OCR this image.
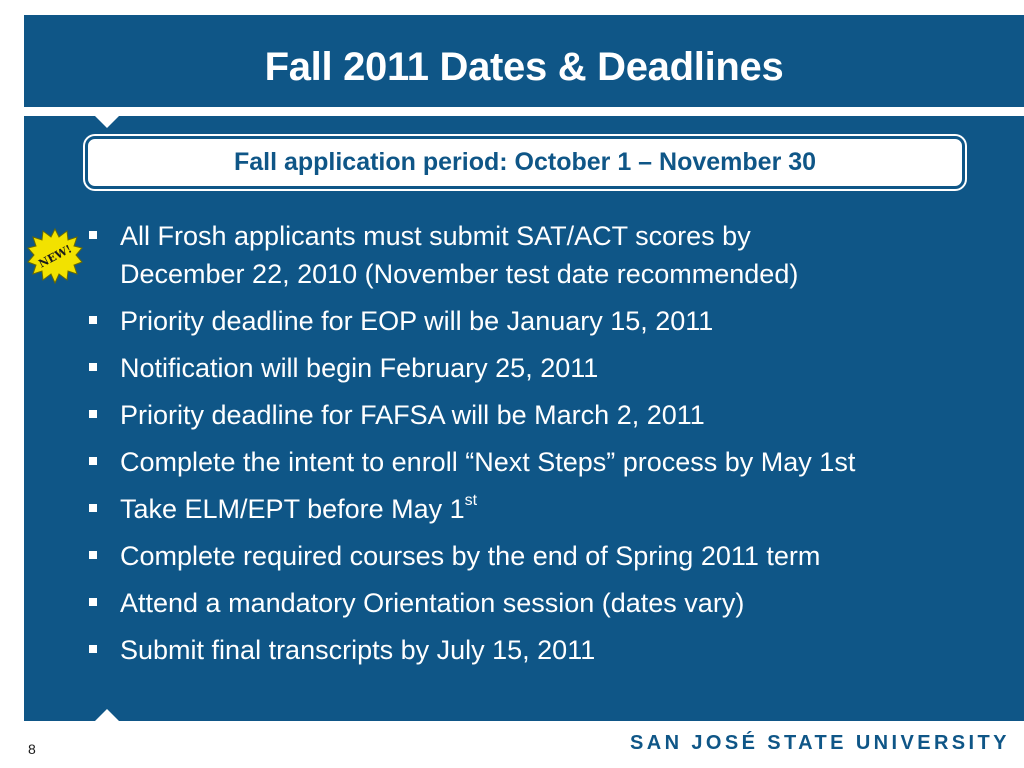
Fall 2011 Dates & Deadlines
Fall application period: October 1 – November 30
NEW!
All Frosh applicants must submit SAT/ACT scores by
December 22, 2010 (November test date recommended)
Priority deadline for EOP will be January 15, 2011
Notification will begin February 25, 2011
Priority deadline for FAFSA will be March 2, 2011
Complete the intent to enroll “Next Steps” process by May 1st
Take ELM/EPT before May 1st
Complete required courses by the end of Spring 2011 term
Attend a mandatory Orientation session (dates vary)
Submit final transcripts by July 15, 2011
8	SAN JOSÉ STATE UNIVERSITY
